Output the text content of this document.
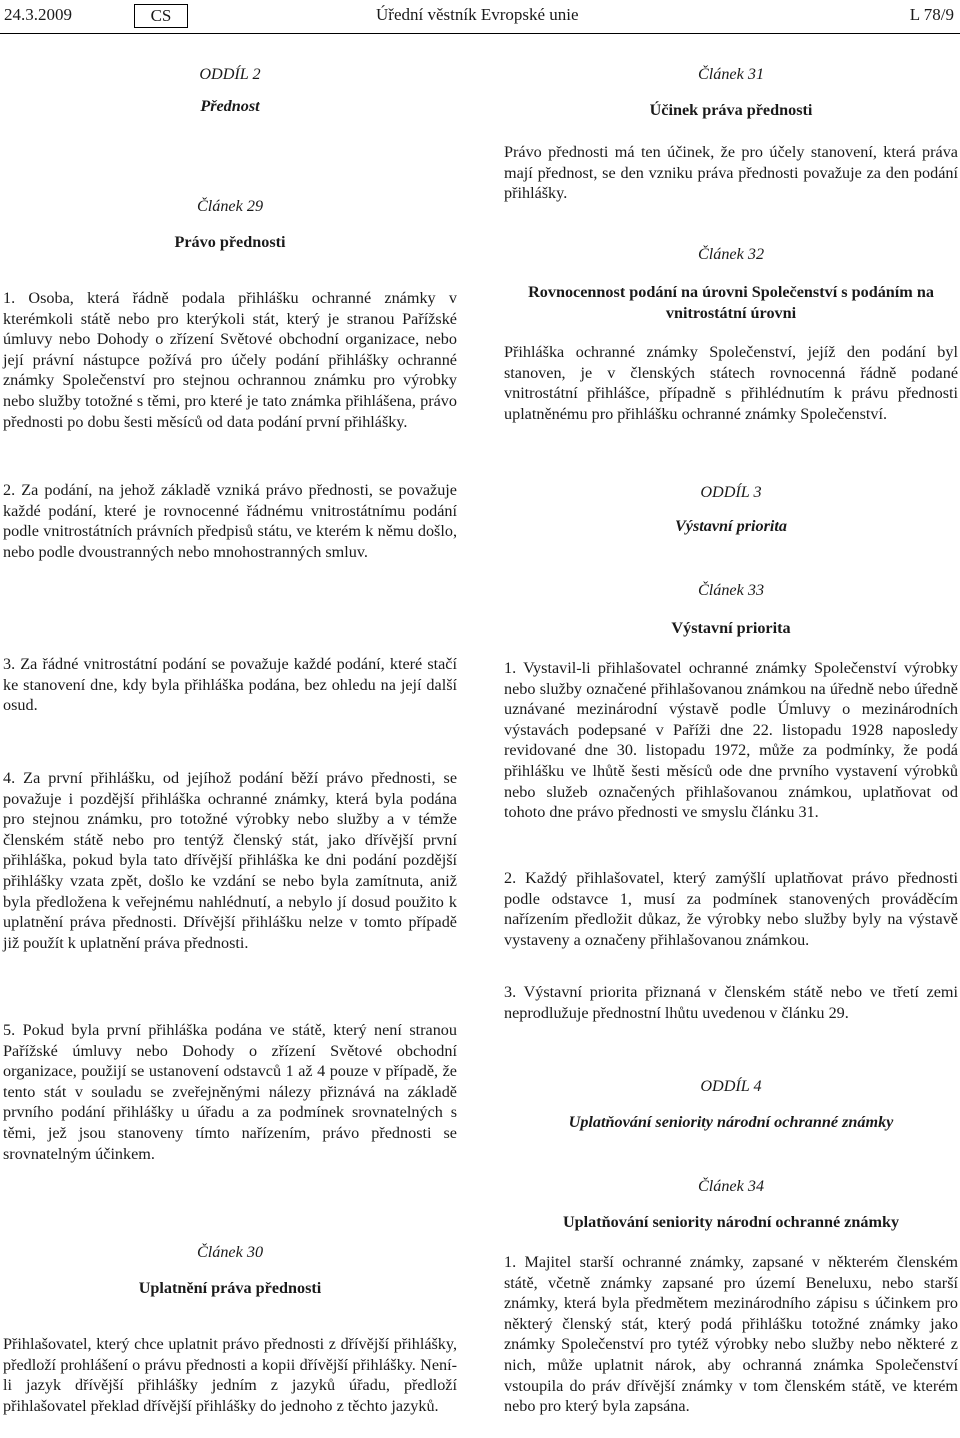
24.3.2009	CS	Úřední věstník Evropské unie	L 78/9
ODDÍL 2
Přednost
Článek 29
Právo přednosti

1. Osoba, která řádně podala přihlášku ochranné známky v kterémkoli státě nebo pro kterýkoli stát, který je stranou Pařížské úmluvy nebo Dohody o zřízení Světové obchodní organizace, nebo její právní nástupce požívá pro účely podání přihlášky ochranné známky Společenství pro stejnou ochrannou známku pro výrobky nebo služby totožné s těmi, pro které je tato známka přihlášena, právo přednosti po dobu šesti měsíců od data podání první přihlášky.

2. Za podání, na jehož základě vzniká právo přednosti, se považuje každé podání, které je rovnocenné řádnému vnitrostátnímu podání podle vnitrostátních právních předpisů státu, ve kterém k němu došlo, nebo podle dvoustranných nebo mnohostranných smluv.

3. Za řádné vnitrostátní podání se považuje každé podání, které stačí ke stanovení dne, kdy byla přihláška podána, bez ohledu na její další osud.

4. Za první přihlášku, od jejíhož podání běží právo přednosti, se považuje i pozdější přihláška ochranné známky, která byla podána pro stejnou známku, pro totožné výrobky nebo služby a v témže členském státě nebo pro tentýž členský stát, jako dřívější první přihláška, pokud byla tato dřívější přihláška ke dni podání pozdější přihlášky vzata zpět, došlo ke vzdání se nebo byla zamítnuta, aniž byla předložena k veřejnému nahlédnutí, a nebylo jí dosud použito k uplatnění práva přednosti. Dřívější přihlášku nelze v tomto případě již použít k uplatnění práva přednosti.

5. Pokud byla první přihláška podána ve státě, který není stranou Pařížské úmluvy nebo Dohody o zřízení Světové obchodní organizace, použijí se ustanovení odstavců 1 až 4 pouze v případě, že tento stát v souladu se zveřejněnými nálezy přiznává na základě prvního podání přihlášky u úřadu a za podmínek srovnatelných s těmi, jež jsou stanoveny tímto nařízením, právo přednosti se srovnatelným účinkem.

Článek 30
Uplatnění práva přednosti

Přihlašovatel, který chce uplatnit právo přednosti z dřívější přihlášky, předloží prohlášení o právu přednosti a kopii dřívější přihlášky. Není-li jazyk dřívější přihlášky jedním z jazyků úřadu, předloží přihlašovatel překlad dřívější přihlášky do jednoho z těchto jazyků.

Článek 31
Účinek práva přednosti

Právo přednosti má ten účinek, že pro účely stanovení, která práva mají přednost, se den vzniku práva přednosti považuje za den podání přihlášky.

Článek 32
Rovnocennost podání na úrovni Společenství s podáním na vnitrostátní úrovni

Přihláška ochranné známky Společenství, jejíž den podání byl stanoven, je v členských státech rovnocenná řádně podané vnitrostátní přihlášce, případně s přihlédnutím k právu přednosti uplatněnému pro přihlášku ochranné známky Společenství.

ODDÍL 3
Výstavní priorita
Článek 33
Výstavní priorita

1. Vystavil-li přihlašovatel ochranné známky Společenství výrobky nebo služby označené přihlašovanou známkou na úředně nebo úředně uznávané mezinárodní výstavě podle Úmluvy o mezinárodních výstavách podepsané v Paříži dne 22. listopadu 1928 naposledy revidované dne 30. listopadu 1972, může za podmínky, že podá přihlášku ve lhůtě šesti měsíců ode dne prvního vystavení výrobků nebo služeb označených přihlašovanou známkou, uplatňovat od tohoto dne právo přednosti ve smyslu článku 31.

2. Každý přihlašovatel, který zamýšlí uplatňovat právo přednosti podle odstavce 1, musí za podmínek stanovených prováděcím nařízením předložit důkaz, že výrobky nebo služby byly na výstavě vystaveny a označeny přihlašovanou známkou.

3. Výstavní priorita přiznaná v členském státě nebo ve třetí zemi neprodlužuje přednostní lhůtu uvedenou v článku 29.

ODDÍL 4
Uplatňování seniority národní ochranné známky
Článek 34
Uplatňování seniority národní ochranné známky

1. Majitel starší ochranné známky, zapsané v některém členském státě, včetně známky zapsané pro území Beneluxu, nebo starší známky, která byla předmětem mezinárodního zápisu s účinkem pro některý členský stát, který podá přihlášku totožné známky jako známky Společenství pro tytéž výrobky nebo služby nebo některé z nich, může uplatnit nárok, aby ochranná známka Společenství vstoupila do práv dřívější známky v tom členském státě, ve kterém nebo pro který byla zapsána.
